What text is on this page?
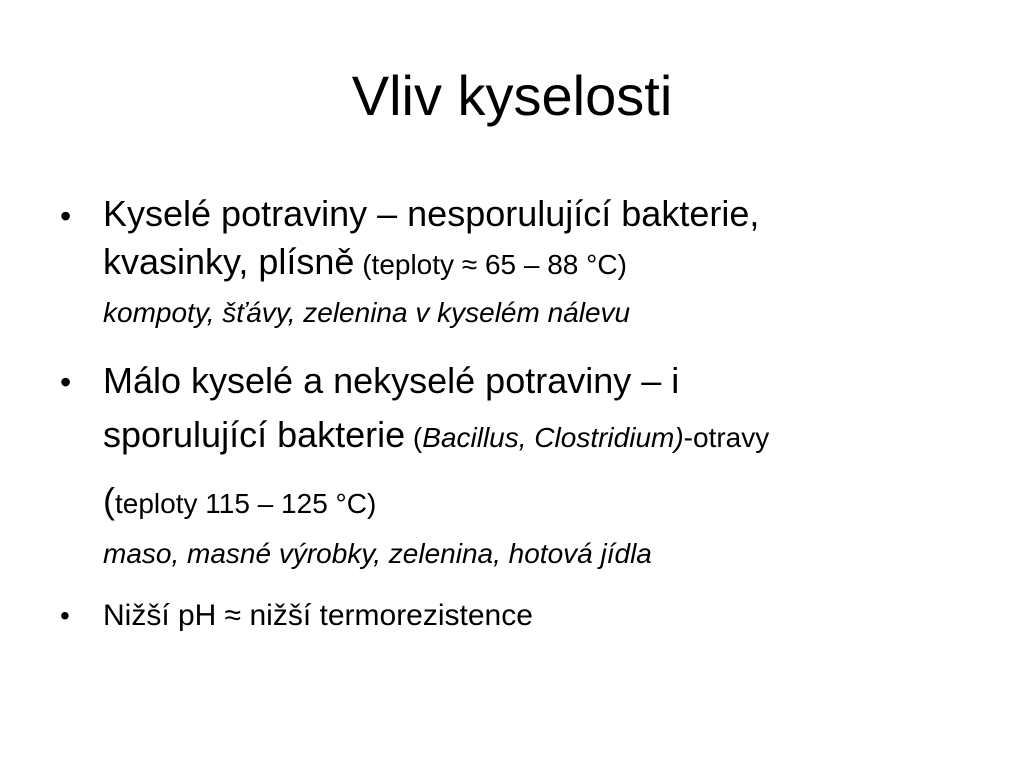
Vliv kyselosti
• Kyselé potraviny – nesporulující bakterie,
kvasinky, plísně (teploty ≈ 65 – 88 °C)
kompoty, šťávy, zelenina v kyselém nálevu
• Málo kyselé a nekyselé potraviny – i
sporulující bakterie (Bacillus, Clostridium)-otravy
(teploty 115 – 125 °C)
maso, masné výrobky, zelenina, hotová jídla
• Nižší pH ≈ nižší termorezistence
